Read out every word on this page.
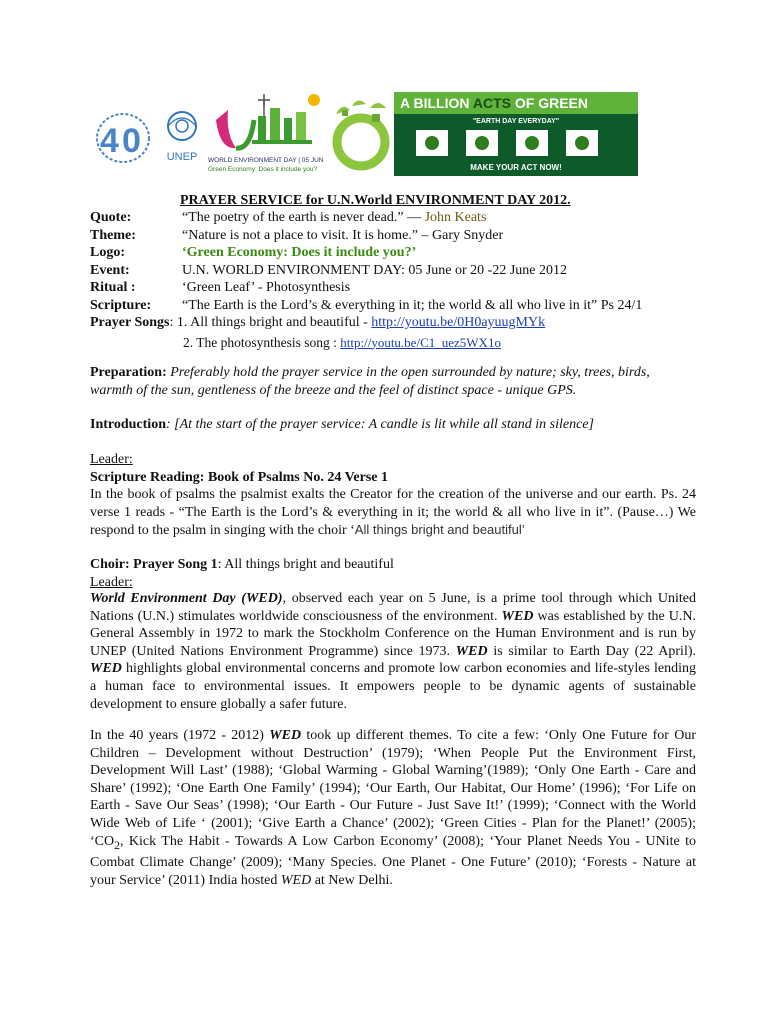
4 0 UNEP WORLD ENVIRONMENT DAY | 05 JUNE
Green Economy: Does it include you?
A BILLION ACTS OF GREEN
"EARTH DAY EVERYDAY"
MAKE YOUR ACT NOW!
PRAYER SERVICE for U.N.World ENVIRONMENT DAY 2012.
Quote:	“The poetry of the earth is never dead.” — John Keats
Theme:	“Nature is not a place to visit. It is home.” – Gary Snyder
Logo:	‘Green Economy: Does it include you?’
Event:	U.N. WORLD ENVIRONMENT DAY: 05 June or 20 -22 June 2012
Ritual :	‘Green Leaf’ - Photosynthesis
Scripture:	“The Earth is the Lord’s & everything in it; the world & all who live in it” Ps 24/1
Prayer Songs : 1. All things bright and beautiful - http://youtu.be/0H0ayuugMYk
2. The photosynthesis song : http://youtu.be/C1_uez5WX1o
Preparation: Preferably hold the prayer service in the open surrounded by nature; sky, trees, birds, warmth of the sun, gentleness of the breeze and the feel of distinct space - unique GPS.
Introduction: [At the start of the prayer service: A candle is lit while all stand in silence]
Leader:
Scripture Reading: Book of Psalms No. 24 Verse 1
In the book of psalms the psalmist exalts the Creator for the creation of the universe and our earth. Ps. 24 verse 1 reads - “The Earth is the Lord’s & everything in it; the world & all who live in it”. (Pause…) We respond to the psalm in singing with the choir ‘All things bright and beautiful’
Choir: Prayer Song 1: All things bright and beautiful
Leader:
World Environment Day (WED), observed each year on 5 June, is a prime tool through which United Nations (U.N.) stimulates worldwide consciousness of the environment. WED was established by the U.N. General Assembly in 1972 to mark the Stockholm Conference on the Human Environment and is run by UNEP (United Nations Environment Programme) since 1973. WED is similar to Earth Day (22 April). WED highlights global environmental concerns and promote low carbon economies and life-styles lending a human face to environmental issues. It empowers people to be dynamic agents of sustainable development to ensure globally a safer future.
In the 40 years (1972 - 2012) WED took up different themes. To cite a few: ‘Only One Future for Our Children – Development without Destruction’ (1979); ‘When People Put the Environment First, Development Will Last’ (1988); ‘Global Warming - Global Warning’(1989); ‘Only One Earth - Care and Share’ (1992); ‘One Earth One Family’ (1994); ‘Our Earth, Our Habitat, Our Home’ (1996); ‘For Life on Earth - Save Our Seas’ (1998); ‘Our Earth - Our Future - Just Save It!’ (1999); ‘Connect with the World Wide Web of Life ‘ (2001); ‘Give Earth a Chance’ (2002); ‘Green Cities - Plan for the Planet!’ (2005); ‘$CO_2$, Kick The Habit - Towards A Low Carbon Economy’ (2008); ‘Your Planet Needs You - UNite to Combat Climate Change’ (2009); ‘Many Species. One Planet - One Future’ (2010); ‘Forests - Nature at your Service’ (2011) India hosted WED at New Delhi.
